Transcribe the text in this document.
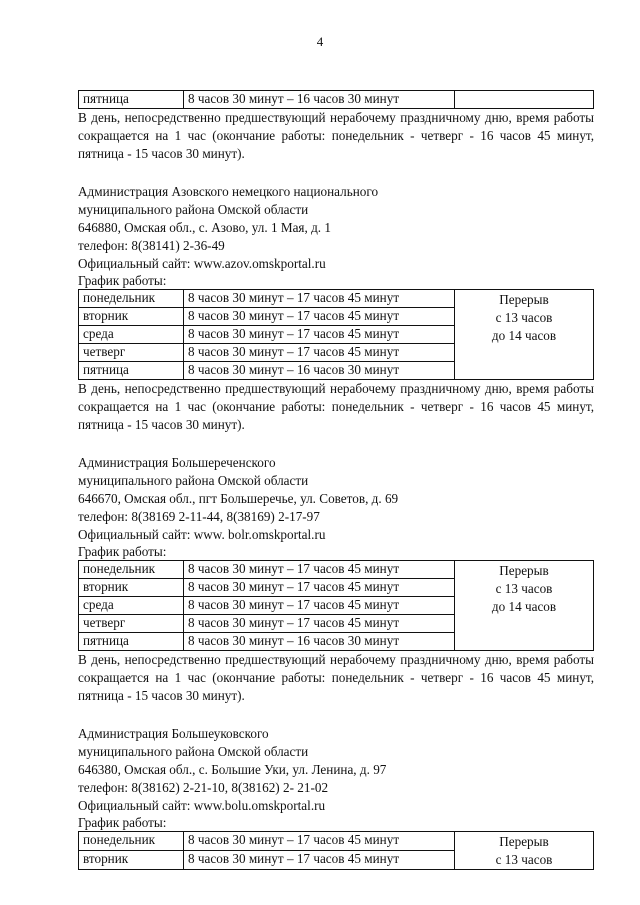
4
пятница	8 часов 30 минут – 16 часов 30 минут	

В день, непосредственно предшествующий нерабочему праздничному дню, время работы сокращается на 1 час (окончание работы: понедельник - четверг - 16 часов 45 минут, пятница - 15 часов 30 минут).

Администрация Азовского немецкого национального

муниципального района Омской области

646880, Омская обл., с. Азово, ул. 1 Мая, д. 1

телефон: 8(38141) 2-36-49

Официальный сайт: www.azov.omskportal.ru

График работы:

понедельник	8 часов 30 минут – 17 часов 45 минут	Перерыв
с 13 часов
до 14 часов
вторник	8 часов 30 минут – 17 часов 45 минут	
среда	8 часов 30 минут – 17 часов 45 минут	
четверг	8 часов 30 минут – 17 часов 45 минут	
пятница	8 часов 30 минут – 16 часов 30 минут	

В день, непосредственно предшествующий нерабочему праздничному дню, время работы сокращается на 1 час (окончание работы: понедельник - четверг - 16 часов 45 минут, пятница - 15 часов 30 минут).

Администрация Большереченского

муниципального района Омской области

646670, Омская обл., пгт Большеречье, ул. Советов, д. 69

телефон: 8(38169 2-11-44, 8(38169) 2-17-97

Официальный сайт: www. bolr.omskportal.ru

График работы:

понедельник	8 часов 30 минут – 17 часов 45 минут	Перерыв
с 13 часов
до 14 часов
вторник	8 часов 30 минут – 17 часов 45 минут	
среда	8 часов 30 минут – 17 часов 45 минут	
четверг	8 часов 30 минут – 17 часов 45 минут	
пятница	8 часов 30 минут – 16 часов 30 минут	

В день, непосредственно предшествующий нерабочему праздничному дню, время работы сокращается на 1 час (окончание работы: понедельник - четверг - 16 часов 45 минут, пятница - 15 часов 30 минут).

Администрация Большеуковского

муниципального района Омской области

646380, Омская обл., с. Большие Уки, ул. Ленина, д. 97

телефон: 8(38162) 2-21-10, 8(38162) 2- 21-02

Официальный сайт: www.bolu.omskportal.ru

График работы:

понедельник	8 часов 30 минут – 17 часов 45 минут	Перерыв
с 13 часов
вторник	8 часов 30 минут – 17 часов 45 минут	
